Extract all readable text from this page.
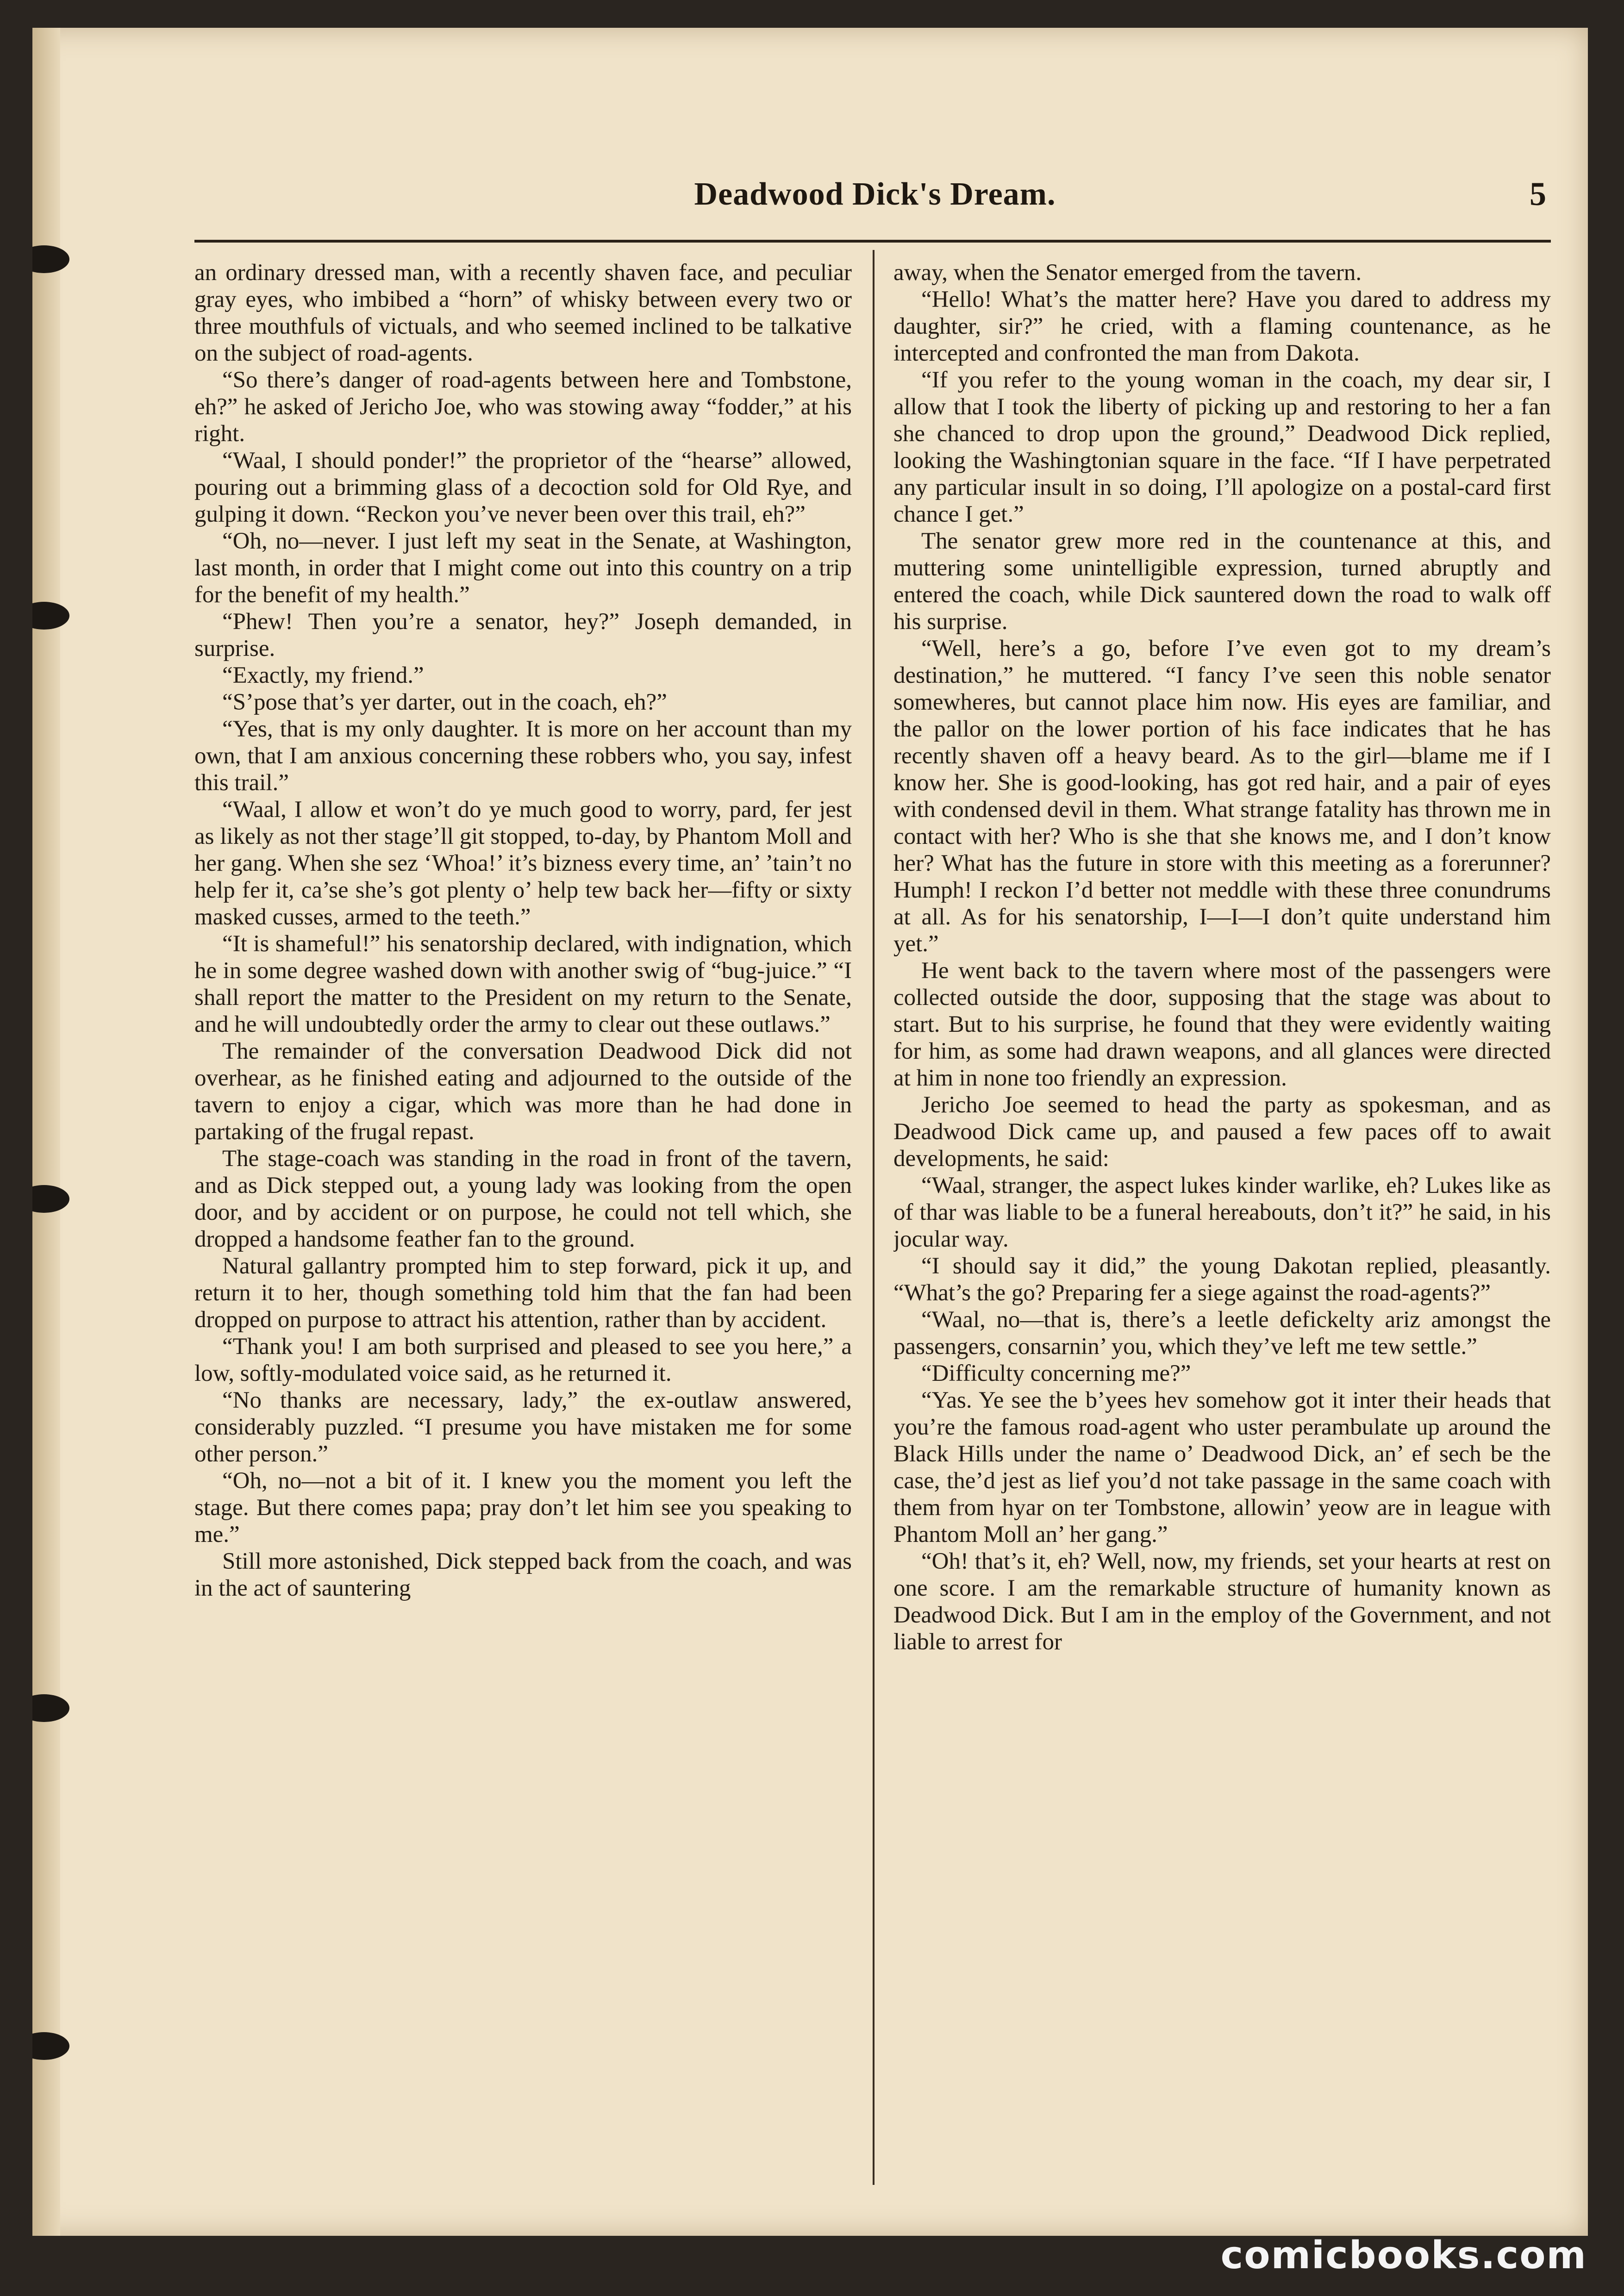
Deadwood Dick's Dream.	5

an ordinary dressed man, with a recently shaven face, and peculiar gray eyes, who imbibed a “horn” of whisky between every two or three mouthfuls of victuals, and who seemed inclined to be talkative on the subject of road-agents.

“So there’s danger of road-agents between here and Tombstone, eh?” he asked of Jericho Joe, who was stowing away “fodder,” at his right.

“Waal, I should ponder!” the proprietor of the “hearse” allowed, pouring out a brimming glass of a decoction sold for Old Rye, and gulping it down. “Reckon you’ve never been over this trail, eh?”

“Oh, no—never. I just left my seat in the Senate, at Washington, last month, in order that I might come out into this country on a trip for the benefit of my health.”

“Phew! Then you’re a senator, hey?” Joseph demanded, in surprise.

“Exactly, my friend.”

“S’pose that’s yer darter, out in the coach, eh?”

“Yes, that is my only daughter. It is more on her account than my own, that I am anxious concerning these robbers who, you say, infest this trail.”

“Waal, I allow et won’t do ye much good to worry, pard, fer jest as likely as not ther stage’ll git stopped, to-day, by Phantom Moll and her gang. When she sez ‘Whoa!’ it’s bizness every time, an’ ’tain’t no help fer it, ca’se she’s got plenty o’ help tew back her—fifty or sixty masked cusses, armed to the teeth.”

“It is shameful!” his senatorship declared, with indignation, which he in some degree washed down with another swig of “bug-juice.” “I shall report the matter to the President on my return to the Senate, and he will undoubtedly order the army to clear out these outlaws.”

The remainder of the conversation Deadwood Dick did not overhear, as he finished eating and adjourned to the outside of the tavern to enjoy a cigar, which was more than he had done in partaking of the frugal repast.

The stage-coach was standing in the road in front of the tavern, and as Dick stepped out, a young lady was looking from the open door, and by accident or on purpose, he could not tell which, she dropped a handsome feather fan to the ground.

Natural gallantry prompted him to step forward, pick it up, and return it to her, though something told him that the fan had been dropped on purpose to attract his attention, rather than by accident.

“Thank you! I am both surprised and pleased to see you here,” a low, softly-modulated voice said, as he returned it.

“No thanks are necessary, lady,” the ex-outlaw answered, considerably puzzled. “I presume you have mistaken me for some other person.”

“Oh, no—not a bit of it. I knew you the moment you left the stage. But there comes papa; pray don’t let him see you speaking to me.”

Still more astonished, Dick stepped back from the coach, and was in the act of sauntering

away, when the Senator emerged from the tavern.

“Hello! What’s the matter here? Have you dared to address my daughter, sir?” he cried, with a flaming countenance, as he intercepted and confronted the man from Dakota.

“If you refer to the young woman in the coach, my dear sir, I allow that I took the liberty of picking up and restoring to her a fan she chanced to drop upon the ground,” Deadwood Dick replied, looking the Washingtonian square in the face. “If I have perpetrated any particular insult in so doing, I’ll apologize on a postal-card first chance I get.”

The senator grew more red in the countenance at this, and muttering some unintelligible expression, turned abruptly and entered the coach, while Dick sauntered down the road to walk off his surprise.

“Well, here’s a go, before I’ve even got to my dream’s destination,” he muttered. “I fancy I’ve seen this noble senator somewheres, but cannot place him now. His eyes are familiar, and the pallor on the lower portion of his face indicates that he has recently shaven off a heavy beard. As to the girl—blame me if I know her. She is good-looking, has got red hair, and a pair of eyes with condensed devil in them. What strange fatality has thrown me in contact with her? Who is she that she knows me, and I don’t know her? What has the future in store with this meeting as a forerunner? Humph! I reckon I’d better not meddle with these three conundrums at all. As for his senatorship, I—I—I don’t quite understand him yet.”

He went back to the tavern where most of the passengers were collected outside the door, supposing that the stage was about to start. But to his surprise, he found that they were evidently waiting for him, as some had drawn weapons, and all glances were directed at him in none too friendly an expression.

Jericho Joe seemed to head the party as spokesman, and as Deadwood Dick came up, and paused a few paces off to await developments, he said:

“Waal, stranger, the aspect lukes kinder warlike, eh? Lukes like as of thar was liable to be a funeral hereabouts, don’t it?” he said, in his jocular way.

“I should say it did,” the young Dakotan replied, pleasantly. “What’s the go? Preparing fer a siege against the road-agents?”

“Waal, no—that is, there’s a leetle defickelty ariz amongst the passengers, consarnin’ you, which they’ve left me tew settle.”

“Difficulty concerning me?”

“Yas. Ye see the b’yees hev somehow got it inter their heads that you’re the famous road-agent who uster perambulate up around the Black Hills under the name o’ Deadwood Dick, an’ ef sech be the case, the’d jest as lief you’d not take passage in the same coach with them from hyar on ter Tombstone, allowin’ yeow are in league with Phantom Moll an’ her gang.”

“Oh! that’s it, eh? Well, now, my friends, set your hearts at rest on one score. I am the remarkable structure of humanity known as Deadwood Dick. But I am in the employ of the Government, and not liable to arrest for

comicbooks.com
